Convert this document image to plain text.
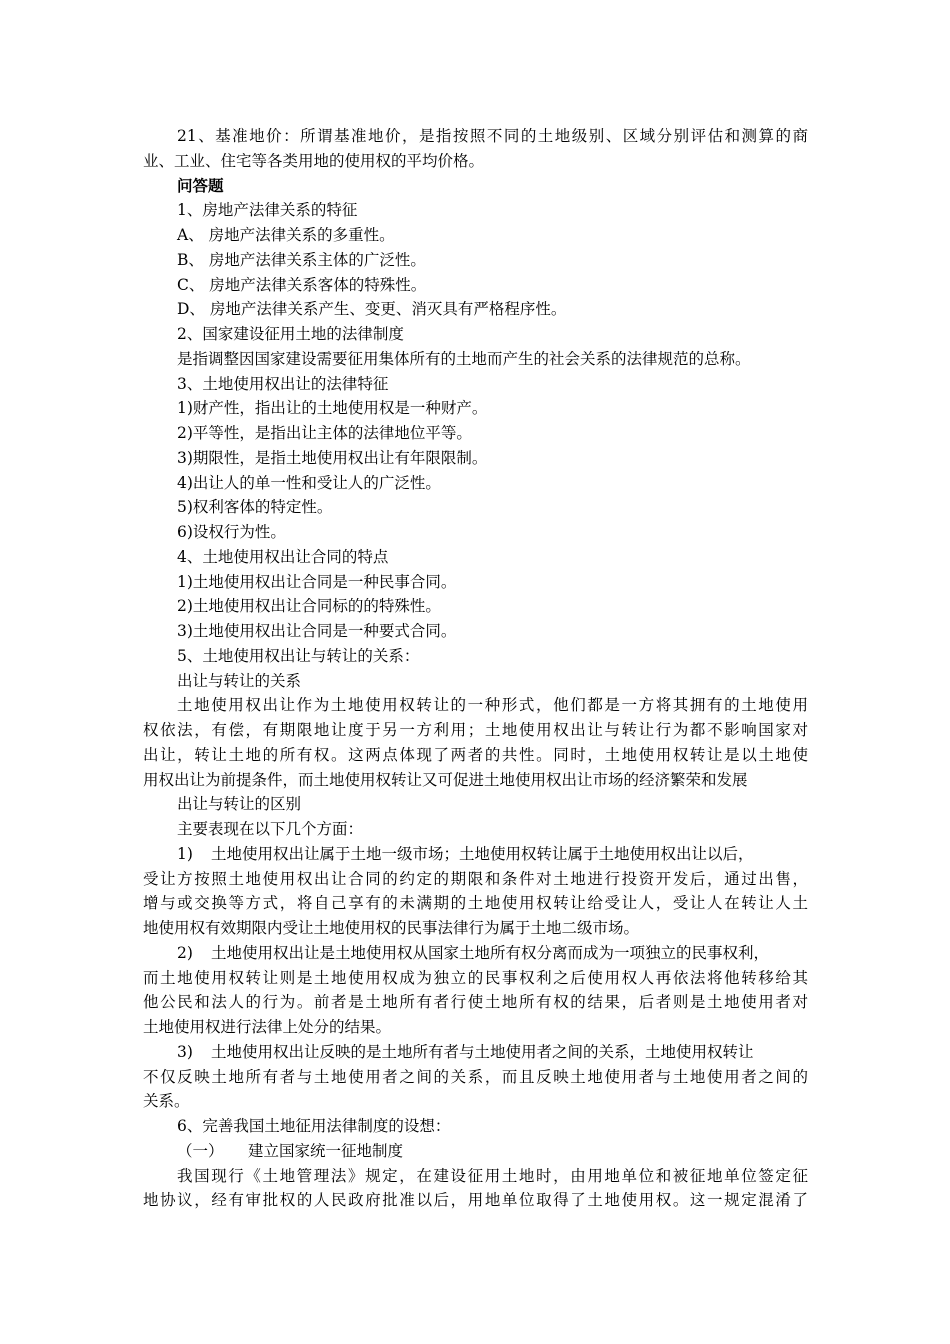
21、基准地价：所谓基准地价，是指按照不同的土地级别、区域分别评估和测算的商
业、工业、住宅等各类用地的使用权的平均价格。
问答题
1、房地产法律关系的特征
A、 房地产法律关系的多重性。
B、 房地产法律关系主体的广泛性。
C、 房地产法律关系客体的特殊性。
D、 房地产法律关系产生、变更、消灭具有严格程序性。
2、国家建设征用土地的法律制度
是指调整因国家建设需要征用集体所有的土地而产生的社会关系的法律规范的总称。
3、土地使用权出让的法律特征
1)财产性，指出让的土地使用权是一种财产。
2)平等性，是指出让主体的法律地位平等。
3)期限性，是指土地使用权出让有年限限制。
4)出让人的单一性和受让人的广泛性。
5)权利客体的特定性。
6)设权行为性。
4、土地使用权出让合同的特点
1)土地使用权出让合同是一种民事合同。
2)土地使用权出让合同标的的特殊性。
3)土地使用权出让合同是一种要式合同。
5、土地使用权出让与转让的关系：
出让与转让的关系
土地使用权出让作为土地使用权转让的一种形式，他们都是一方将其拥有的土地使用
权依法，有偿，有期限地让度于另一方利用；土地使用权出让与转让行为都不影响国家对
出让，转让土地的所有权。这两点体现了两者的共性。同时，土地使用权转让是以土地使
用权出让为前提条件，而土地使用权转让又可促进土地使用权出让市场的经济繁荣和发展
出让与转让的区别
主要表现在以下几个方面：
1) 土地使用权出让属于土地一级市场；土地使用权转让属于土地使用权出让以后，
受让方按照土地使用权出让合同的约定的期限和条件对土地进行投资开发后，通过出售，
增与或交换等方式，将自己享有的未满期的土地使用权转让给受让人，受让人在转让人土
地使用权有效期限内受让土地使用权的民事法律行为属于土地二级市场。
2) 土地使用权出让是土地使用权从国家土地所有权分离而成为一项独立的民事权利，
而土地使用权转让则是土地使用权成为独立的民事权利之后使用权人再依法将他转移给其
他公民和法人的行为。前者是土地所有者行使土地所有权的结果，后者则是土地使用者对
土地使用权进行法律上处分的结果。
3) 土地使用权出让反映的是土地所有者与土地使用者之间的关系，土地使用权转让
不仅反映土地所有者与土地使用者之间的关系，而且反映土地使用者与土地使用者之间的
关系。
6、完善我国土地征用法律制度的设想：
（一） 建立国家统一征地制度
我国现行《土地管理法》规定，在建设征用土地时，由用地单位和被征地单位签定征
地协议，经有审批权的人民政府批准以后，用地单位取得了土地使用权。这一规定混淆了
